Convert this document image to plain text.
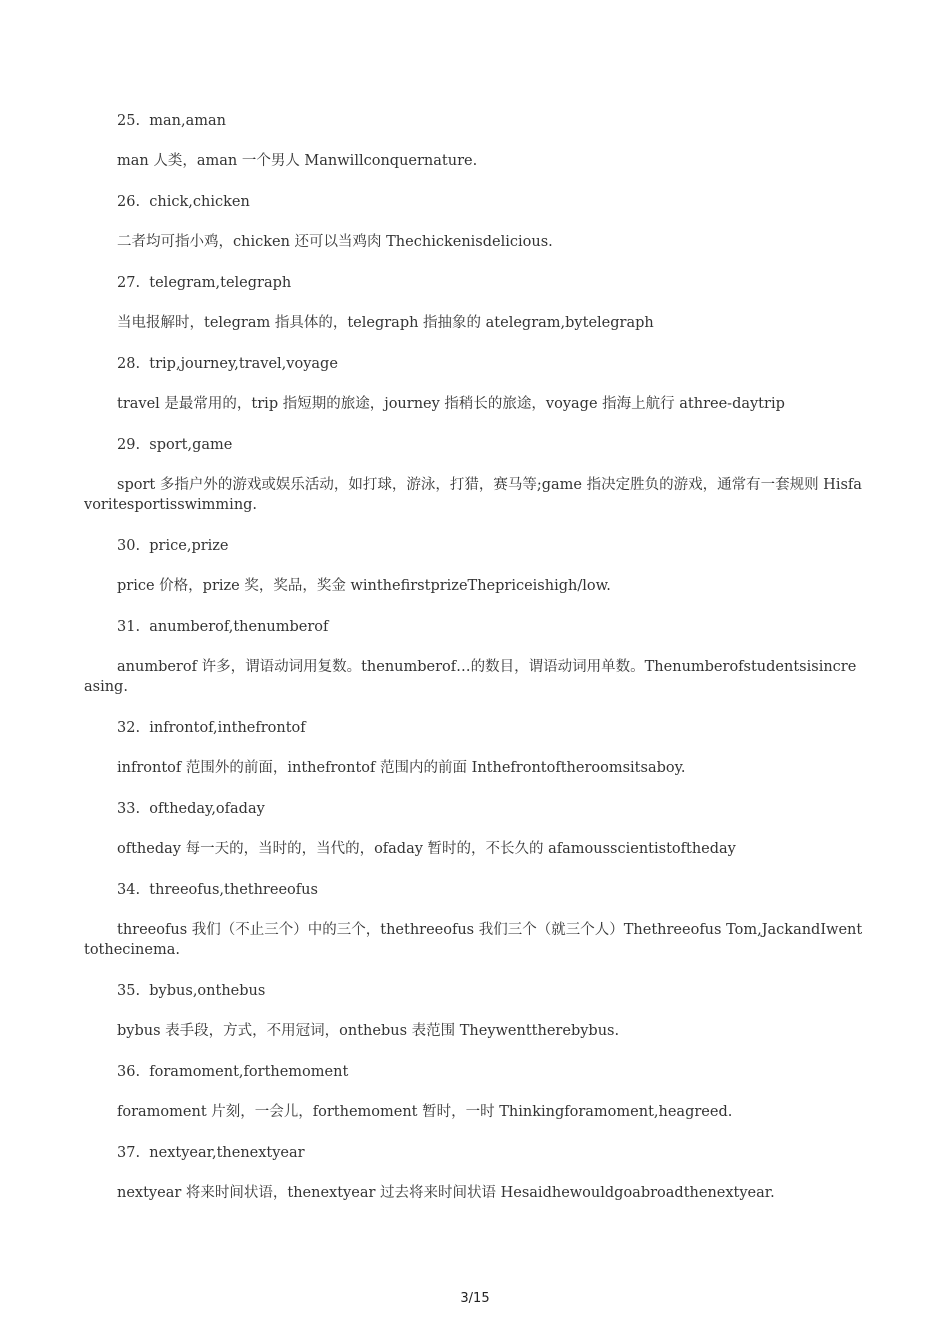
25.  man,aman

man 人类，aman 一个男人 Manwillconquernature.

26.  chick,chicken

二者均可指小鸡，chicken 还可以当鸡肉 Thechickenisdelicious.

27.  telegram,telegraph

当电报解时，telegram 指具体的，telegraph 指抽象的 atelegram,bytelegraph

28.  trip,journey,travel,voyage

travel 是最常用的，trip 指短期的旅途，journey 指稍长的旅途，voyage 指海上航行 athree-daytrip

29.  sport,game

sport 多指户外的游戏或娱乐活动，如打球，游泳，打猎，赛马等;game 指决定胜负的游戏，通常有一套规则 Hisfavoritesportisswimming.

30.  price,prize

price 价格，prize 奖，奖品，奖金 winthefirstprizeThepriceishigh/low.

31.  anumberof,thenumberof

anumberof 许多，谓语动词用复数。thenumberof…的数目，谓语动词用单数。Thenumberofstudentsisincreasing.

32.  infrontof,inthefrontof

infrontof 范围外的前面，inthefrontof 范围内的前面 Inthefrontoftheroomsitsaboy.

33.  oftheday,ofaday

oftheday 每一天的，当时的，当代的，ofaday 暂时的，不长久的 afamousscientistoftheday

34.  threeofus,thethreeofus

threeofus 我们（不止三个）中的三个，thethreeofus 我们三个（就三个人）Thethreeofus Tom,JackandIwenttothecinema.

35.  bybus,onthebus

bybus 表手段，方式，不用冠词，onthebus 表范围 Theywenttherebybus.

36.  foramoment,forthemoment

foramoment 片刻，一会儿，forthemoment 暂时，一时 Thinkingforamoment,heagreed.

37.  nextyear,thenextyear

nextyear 将来时间状语，thenextyear 过去将来时间状语 Hesaidhewouldgoabroadthenextyear.

3/15
